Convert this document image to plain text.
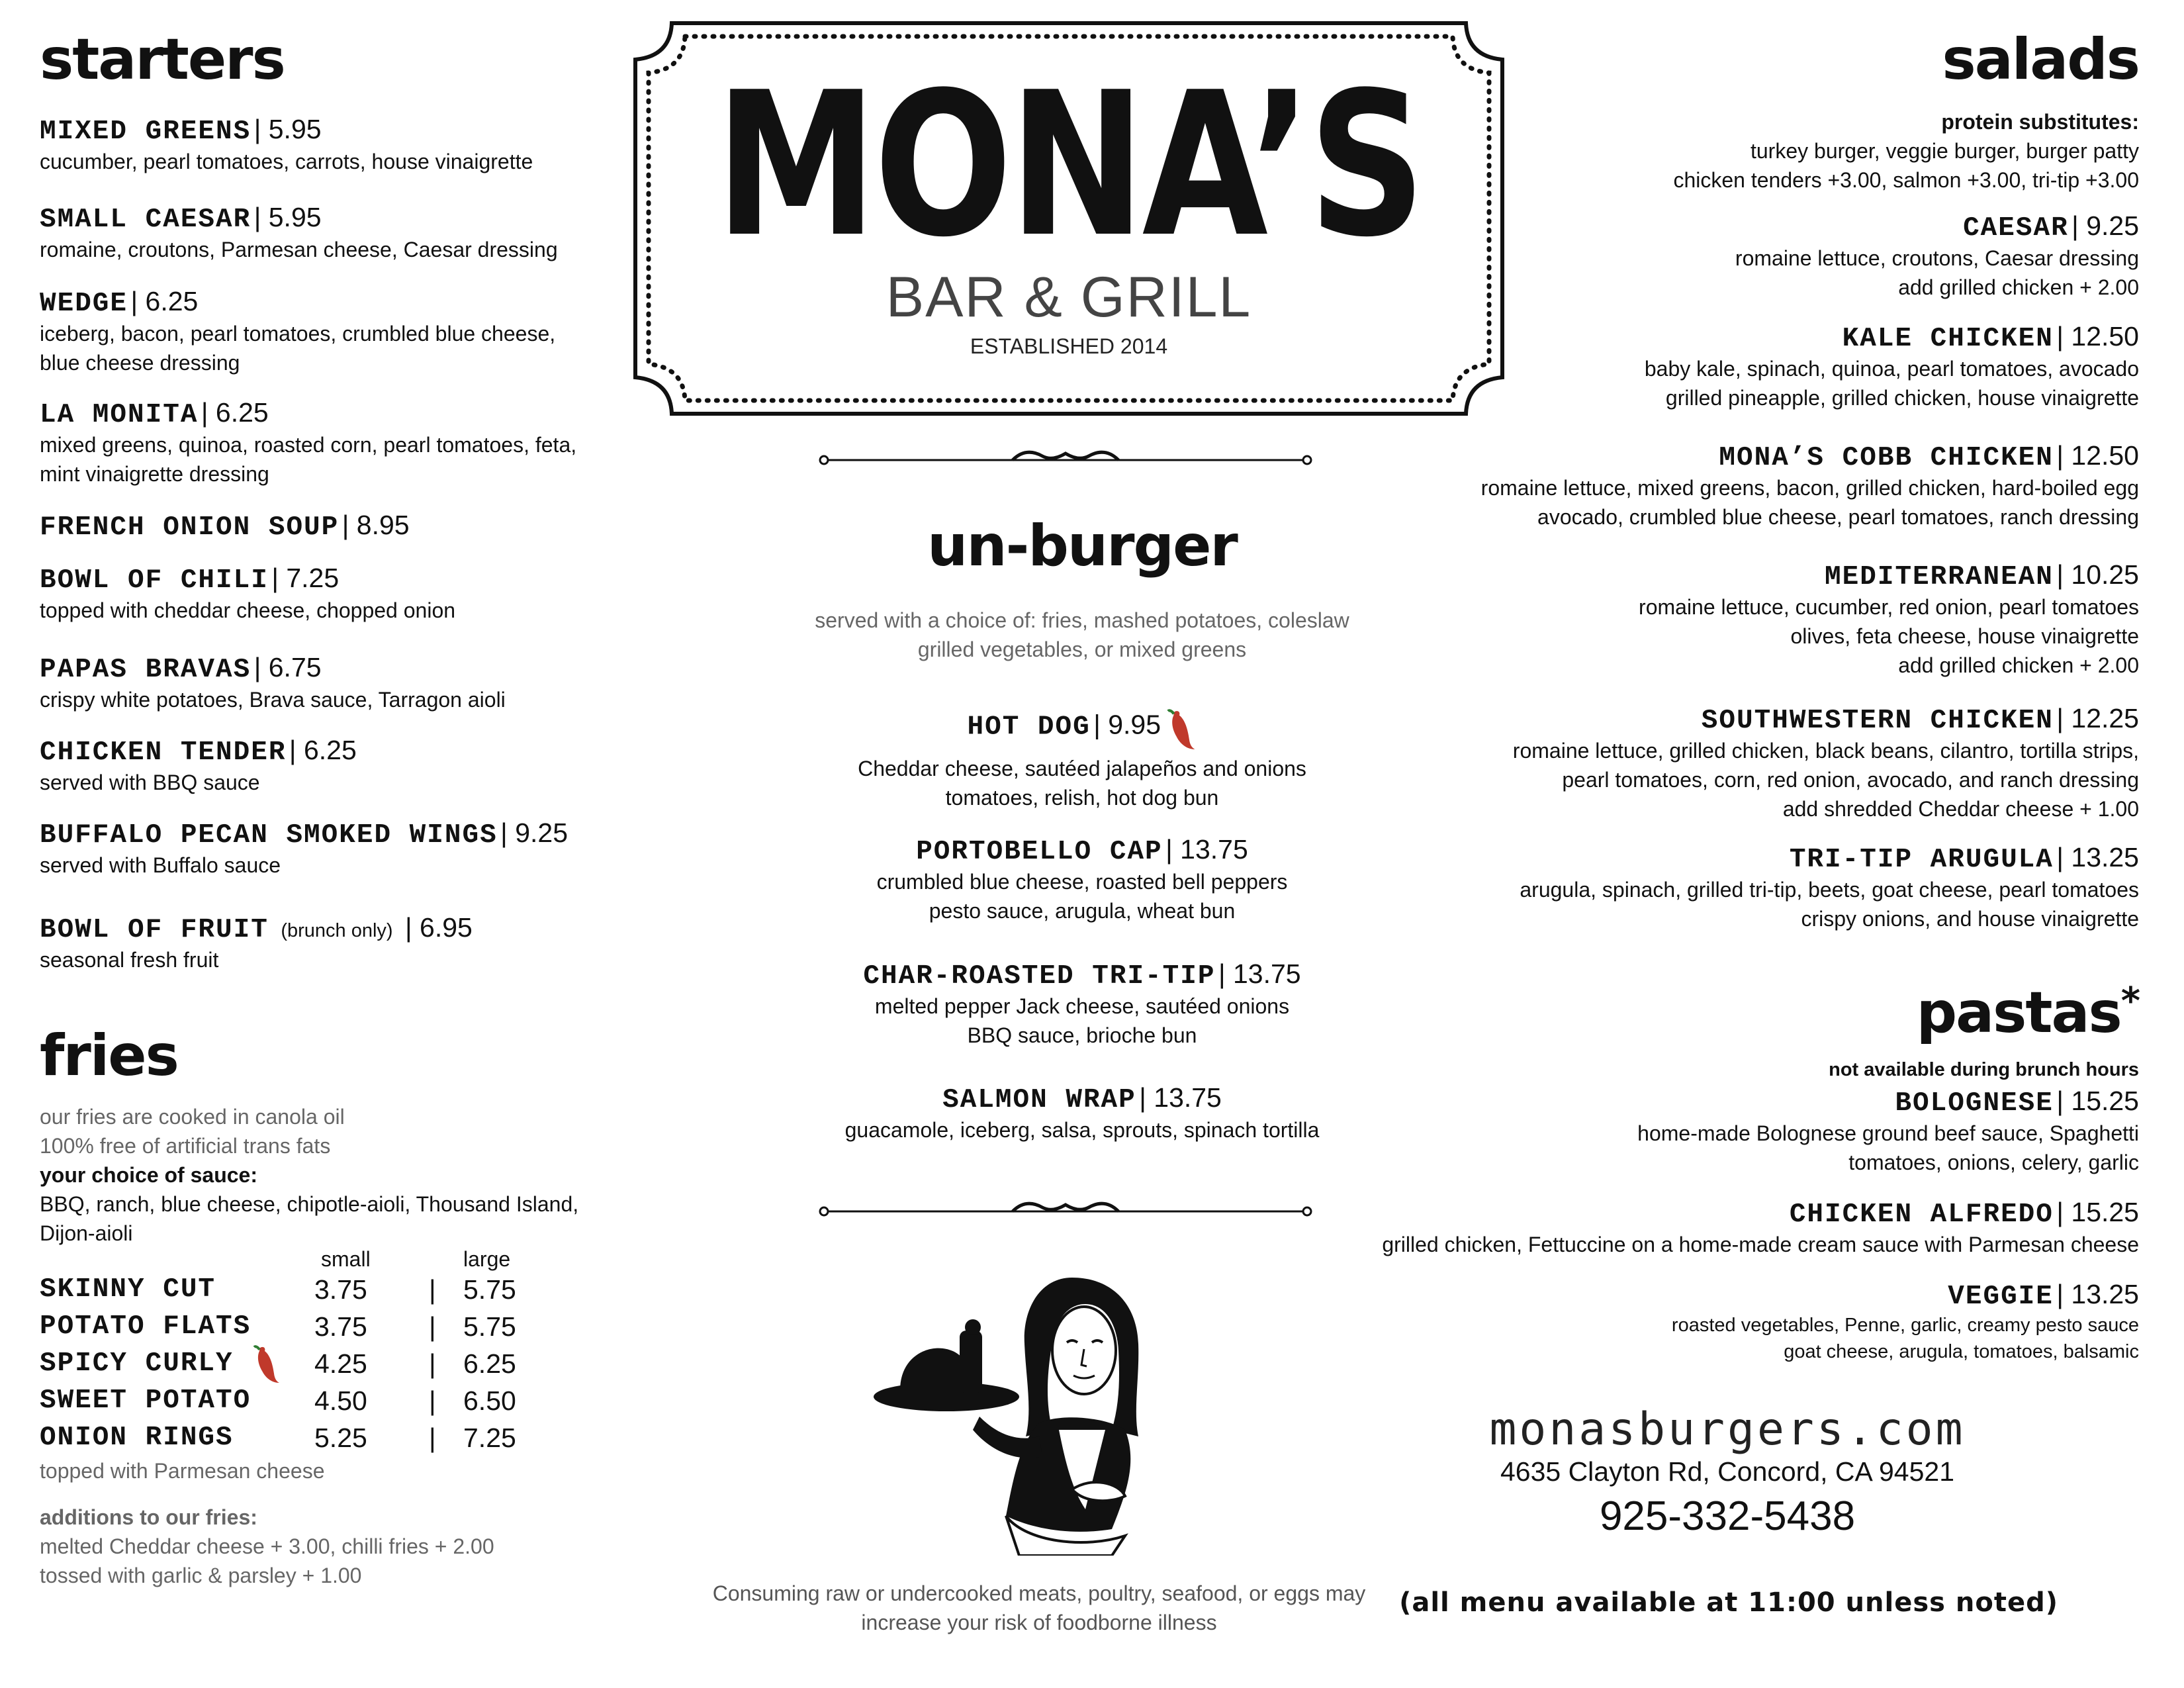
starters
MIXED GREENS | 5.95
cucumber, pearl tomatoes, carrots, house vinaigrette
SMALL CAESAR | 5.95
romaine, croutons, Parmesan cheese, Caesar dressing
WEDGE | 6.25
iceberg, bacon, pearl tomatoes, crumbled blue cheese,
blue cheese dressing
LA MONITA | 6.25
mixed greens, quinoa, roasted corn, pearl tomatoes, feta,
mint vinaigrette dressing
FRENCH ONION SOUP | 8.95
BOWL OF CHILI | 7.25
topped with cheddar cheese, chopped onion
PAPAS BRAVAS | 6.75
crispy white potatoes, Brava sauce, Tarragon aioli
CHICKEN TENDER | 6.25
served with BBQ sauce
BUFFALO PECAN SMOKED WINGS | 9.25
served with Buffalo sauce
BOWL OF FRUIT (brunch only) | 6.95
seasonal fresh fruit
fries
our fries are cooked in canola oil
100% free of artificial trans fats
your choice of sauce:
BBQ, ranch, blue cheese, chipotle-aioli, Thousand Island,
Dijon-aioli
small	large
SKINNY CUT	3.75 | 5.75
POTATO FLATS 3.75 | 5.75
SPICY CURLY	4.25 | 6.25
SWEET POTATO 4.50 | 6.50
ONION RINGS	5.25 | 7.25
topped with Parmesan cheese
additions to our fries:
melted Cheddar cheese + 3.00, chilli fries + 2.00
tossed with garlic & parsley + 1.00
MONA’S
BAR & GRILL
ESTABLISHED 2014
un-burger
served with a choice of: fries, mashed potatoes, coleslaw
grilled vegetables, or mixed greens
HOT DOG | 9.95
Cheddar cheese, sautéed jalapeños and onions
tomatoes, relish, hot dog bun
PORTOBELLO CAP | 13.75
crumbled blue cheese, roasted bell peppers
pesto sauce, arugula, wheat bun
CHAR-ROASTED TRI-TIP | 13.75
melted pepper Jack cheese, sautéed onions
BBQ sauce, brioche bun
SALMON WRAP | 13.75
guacamole, iceberg, salsa, sprouts, spinach tortilla
Consuming raw or undercooked meats, poultry, seafood, or eggs may
increase your risk of foodborne illness
salads
protein substitutes:
turkey burger, veggie burger, burger patty
chicken tenders +3.00, salmon +3.00, tri-tip +3.00
CAESAR | 9.25
romaine lettuce, croutons, Caesar dressing
add grilled chicken + 2.00
KALE CHICKEN | 12.50
baby kale, spinach, quinoa, pearl tomatoes, avocado
grilled pineapple, grilled chicken, house vinaigrette
MONA’S COBB CHICKEN | 12.50
romaine lettuce, mixed greens, bacon, grilled chicken, hard-boiled egg
avocado, crumbled blue cheese, pearl tomatoes, ranch dressing
MEDITERRANEAN | 10.25
romaine lettuce, cucumber, red onion, pearl tomatoes
olives, feta cheese, house vinaigrette
add grilled chicken + 2.00
SOUTHWESTERN CHICKEN | 12.25
romaine lettuce, grilled chicken, black beans, cilantro, tortilla strips,
pearl tomatoes, corn, red onion, avocado, and ranch dressing
add shredded Cheddar cheese + 1.00
TRI-TIP ARUGULA | 13.25
arugula, spinach, grilled tri-tip, beets, goat cheese, pearl tomatoes
crispy onions, and house vinaigrette
pastas*
not available during brunch hours
BOLOGNESE | 15.25
home-made Bolognese ground beef sauce, Spaghetti
tomatoes, onions, celery, garlic
CHICKEN ALFREDO | 15.25
grilled chicken, Fettuccine on a home-made cream sauce with Parmesan cheese
VEGGIE | 13.25
roasted vegetables, Penne, garlic, creamy pesto sauce
goat cheese, arugula, tomatoes, balsamic
monasburgers.com
4635 Clayton Rd, Concord, CA 94521
925-332-5438
(all menu available at 11:00 unless noted)
